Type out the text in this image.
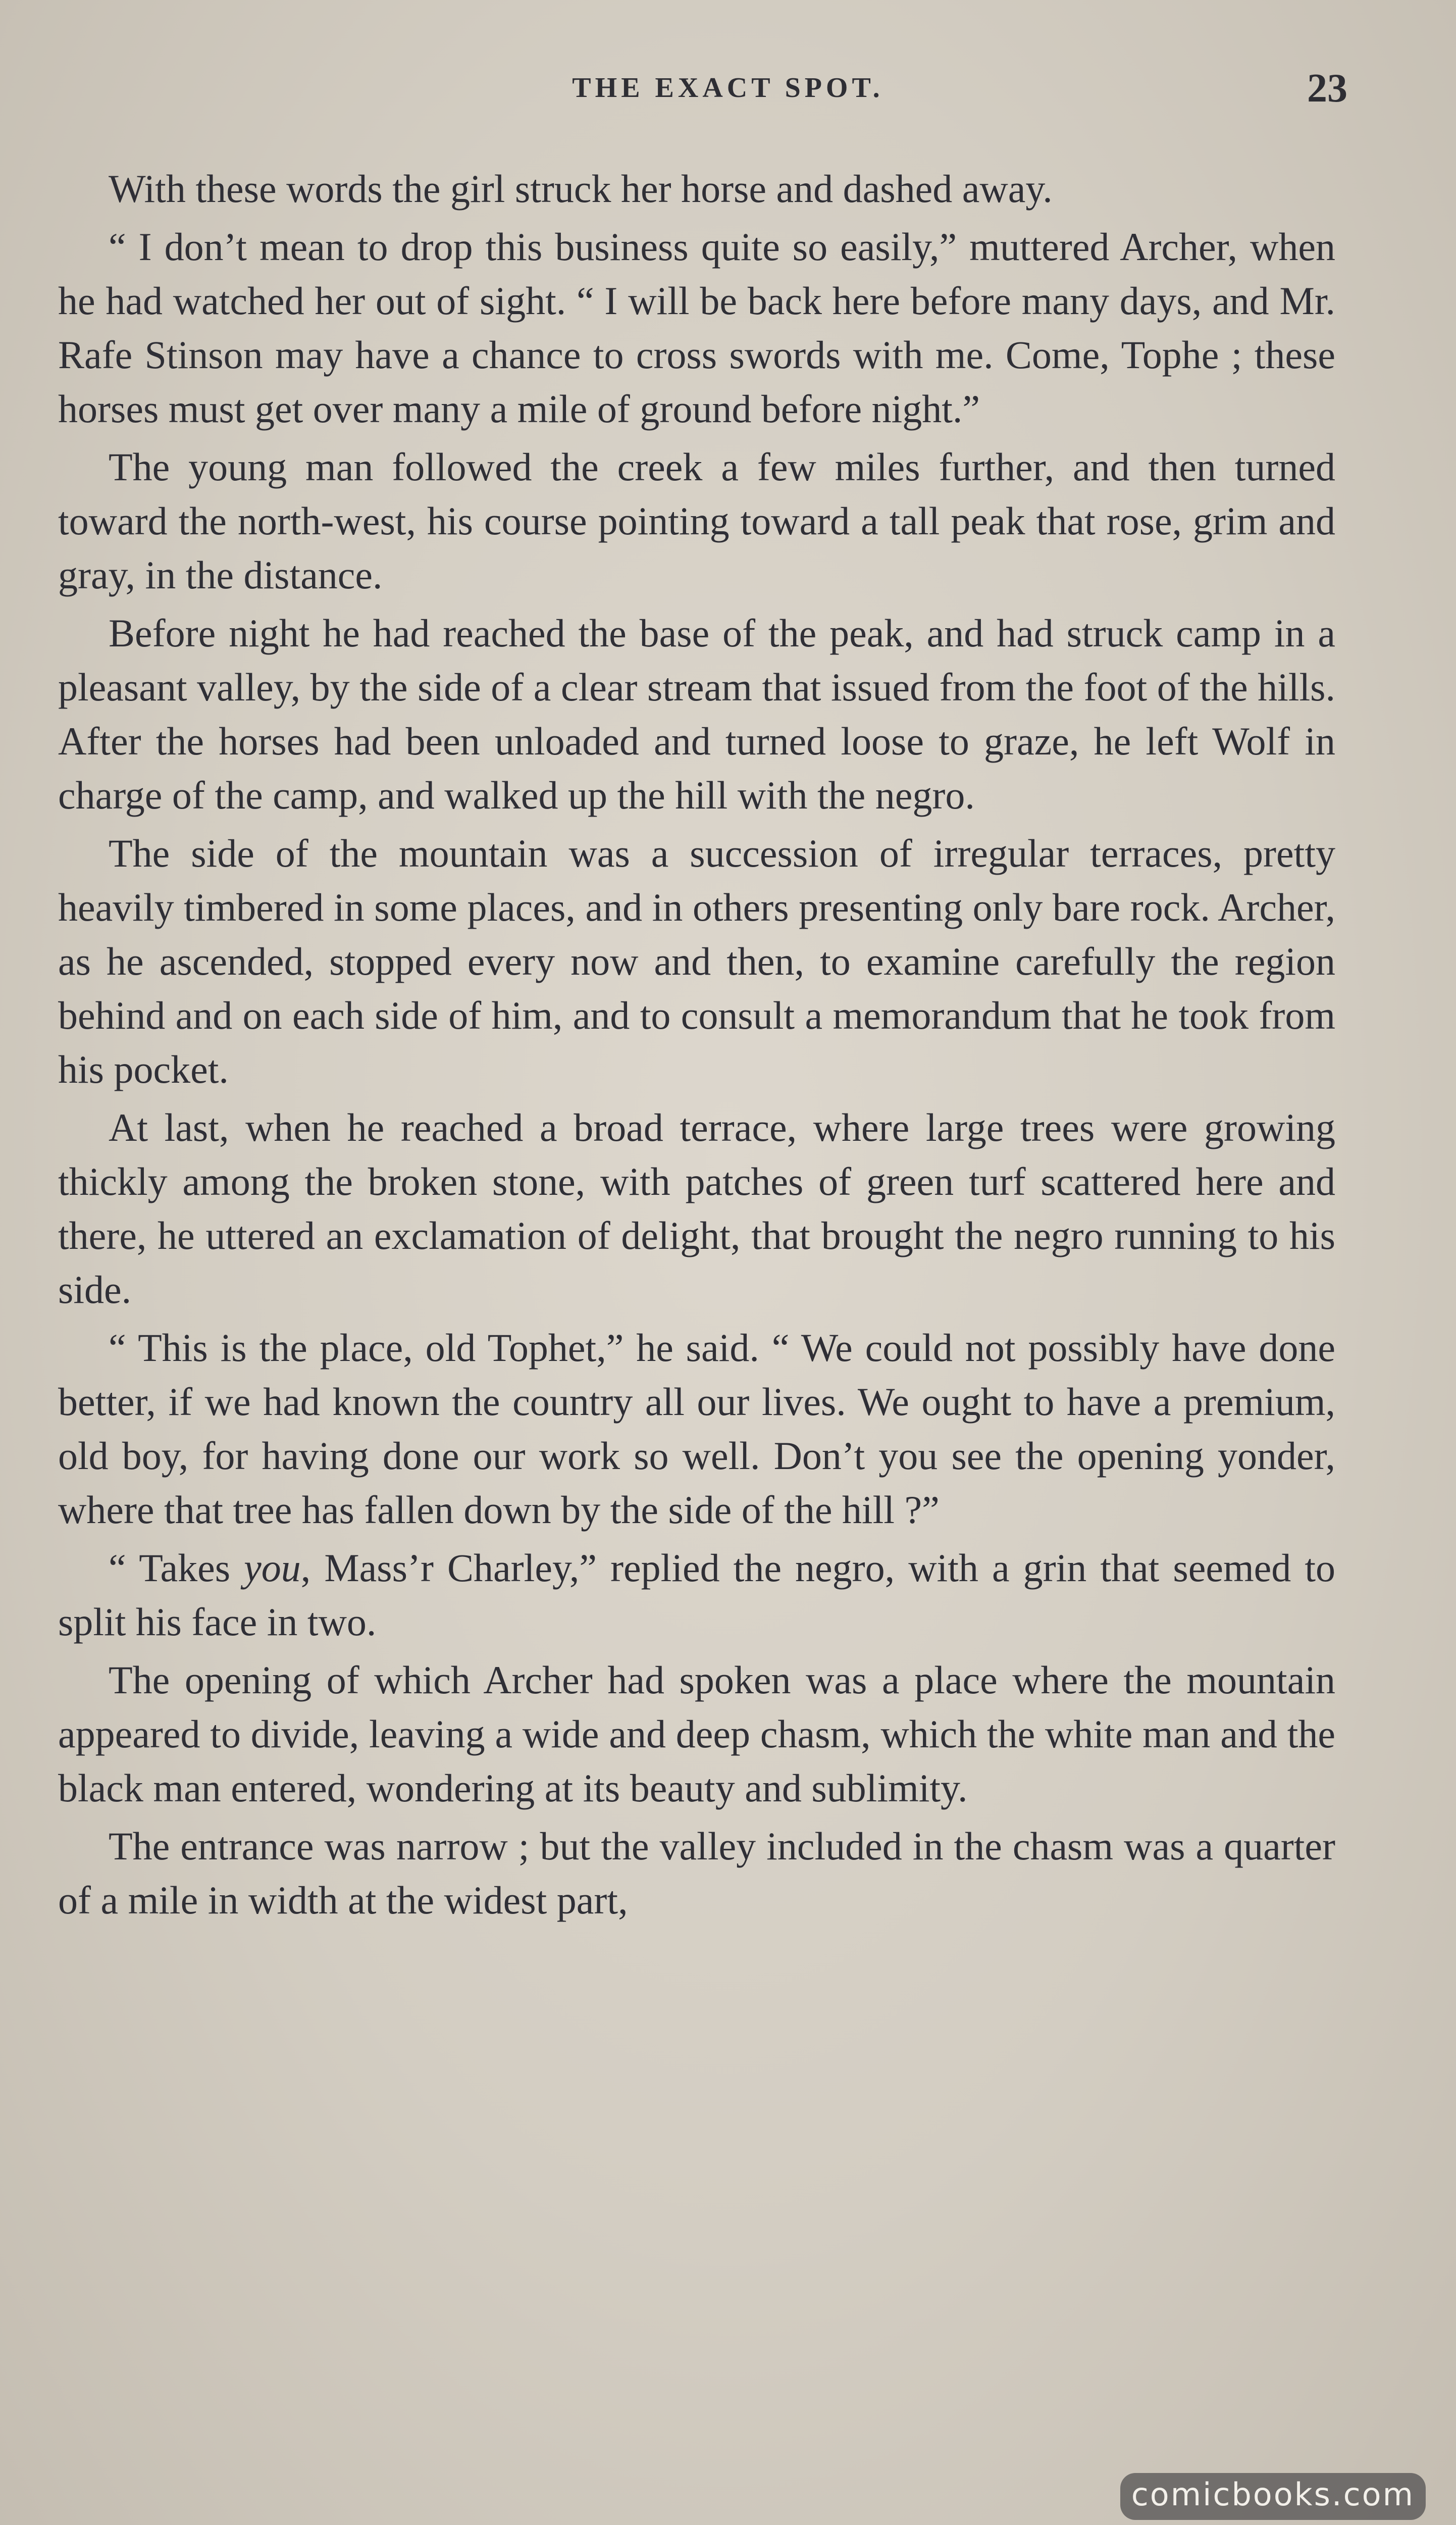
THE EXACT SPOT.	23

With these words the girl struck her horse and dashed away.

“ I don’t mean to drop this business quite so easily,” muttered Archer, when he had watched her out of sight. “ I will be back here before many days, and Mr. Rafe Stinson may have a chance to cross swords with me. Come, Tophe ; these horses must get over many a mile of ground before night.”

The young man followed the creek a few miles further, and then turned toward the north-west, his course pointing toward a tall peak that rose, grim and gray, in the distance.

Before night he had reached the base of the peak, and had struck camp in a pleasant valley, by the side of a clear stream that issued from the foot of the hills. After the horses had been unloaded and turned loose to graze, he left Wolf in charge of the camp, and walked up the hill with the negro.

The side of the mountain was a succession of irregular terraces, pretty heavily timbered in some places, and in others presenting only bare rock. Archer, as he ascended, stopped every now and then, to examine carefully the region behind and on each side of him, and to consult a memorandum that he took from his pocket.

At last, when he reached a broad terrace, where large trees were growing thickly among the broken stone, with patches of green turf scattered here and there, he uttered an exclamation of delight, that brought the negro running to his side.

“ This is the place, old Tophet,” he said. “ We could not possibly have done better, if we had known the country all our lives. We ought to have a premium, old boy, for having done our work so well. Don’t you see the opening yonder, where that tree has fallen down by the side of the hill ?”

“ Takes you, Mass’r Charley,” replied the negro, with a grin that seemed to split his face in two.

The opening of which Archer had spoken was a place where the mountain appeared to divide, leaving a wide and deep chasm, which the white man and the black man entered, wondering at its beauty and sublimity.

The entrance was narrow ; but the valley included in the chasm was a quarter of a mile in width at the widest part,

comicbooks.com
